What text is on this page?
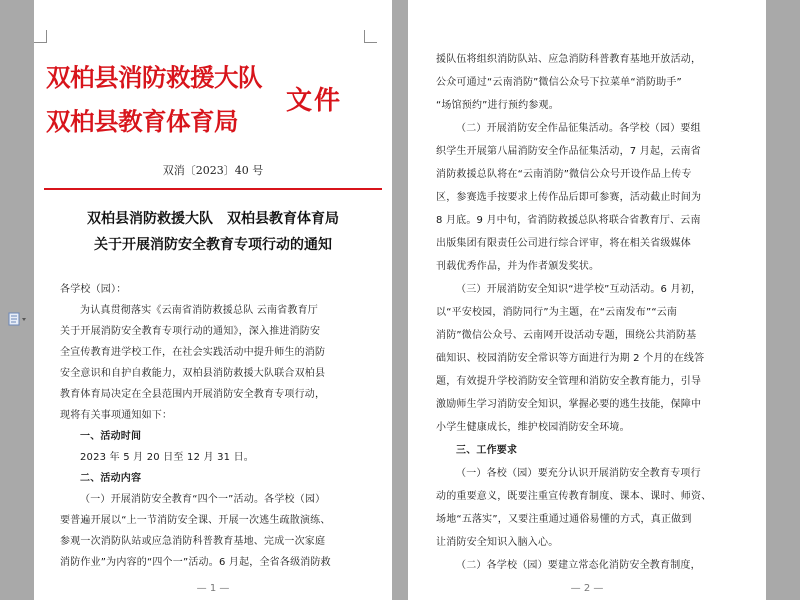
双柏县消防救援大队
双柏县教育体育局
文件
双消〔2023〕40 号
双柏县消防救援大队　双柏县教育体育局
关于开展消防安全教育专项行动的通知
各学校（园）：
为认真贯彻落实《云南省消防救援总队 云南省教育厅
关于开展消防安全教育专项行动的通知》，深入推进消防安
全宣传教育进学校工作，在社会实践活动中提升师生的消防
安全意识和自护自救能力，双柏县消防救援大队联合双柏县
教育体育局决定在全县范围内开展消防安全教育专项行动，
现将有关事项通知如下：
一、活动时间
2023 年 5 月 20 日至 12 月 31 日。
二、活动内容
（一）开展消防安全教育“四个一”活动。各学校（园）
要普遍开展以“上一节消防安全课、开展一次逃生疏散演练、
参观一次消防队站或应急消防科普教育基地、完成一次家庭
消防作业”为内容的“四个一”活动。6 月起，全省各级消防救
— 1 —
援队伍将组织消防队站、应急消防科普教育基地开放活动，
公众可通过“云南消防”微信公众号下拉菜单“消防助手”
“场馆预约”进行预约参观。
（二）开展消防安全作品征集活动。各学校（园）要组
织学生开展第八届消防安全作品征集活动，7 月起，云南省
消防救援总队将在“云南消防”微信公众号开设作品上传专
区，参赛选手按要求上传作品后即可参赛，活动截止时间为
8 月底。9 月中旬，省消防救援总队将联合省教育厅、云南
出版集团有限责任公司进行综合评审，将在相关省级媒体
刊载优秀作品，并为作者颁发奖状。
（三）开展消防安全知识“进学校”互动活动。6 月初，
以“平安校园，消防同行”为主题，在“云南发布”“云南
消防”微信公众号、云南网开设活动专题，围绕公共消防基
础知识、校园消防安全常识等方面进行为期 2 个月的在线答
题，有效提升学校消防安全管理和消防安全教育能力，引导
激励师生学习消防安全知识，掌握必要的逃生技能，保障中
小学生健康成长，维护校园消防安全环境。
三、工作要求
（一）各校（园）要充分认识开展消防安全教育专项行
动的重要意义，既要注重宣传教育制度、课本、课时、师资、
场地“五落实”，又要注重通过通俗易懂的方式，真正做到
让消防安全知识入脑入心。
（二）各学校（园）要建立常态化消防安全教育制度，
— 2 —
